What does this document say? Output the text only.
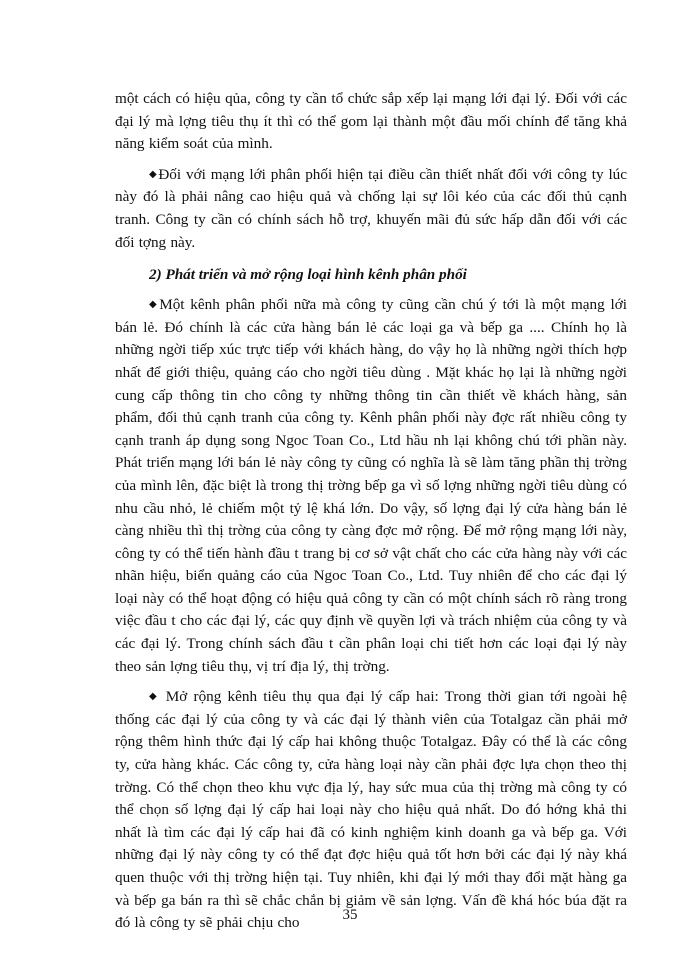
một cách có hiệu qủa, công ty cần tổ chức sắp xếp lại mạng lới đại lý. Đối với các đại lý mà lợng tiêu thụ ít thì có thể gom lại thành một đầu mối chính để tăng khả năng kiểm soát của mình.

◆Đối với mạng lới phân phối hiện tại điều cần thiết nhất đối với công ty lúc này đó là phải nâng cao hiệu quả và chống lại sự lôi kéo của các đối thủ cạnh tranh. Công ty cần có chính sách hỗ trợ, khuyến mãi đủ sức hấp dẫn đối với các đối tợng này.

2) Phát triển và mở rộng loại hình kênh phân phối

◆Một kênh phân phối nữa mà công ty cũng cần chú ý tới là một mạng lới bán lẻ. Đó chính là các cửa hàng bán lẻ các loại ga và bếp ga .... Chính họ là những ngời tiếp xúc trực tiếp với khách hàng, do vậy họ là những ngời thích hợp nhất để giới thiệu, quảng cáo cho ngời tiêu dùng . Mặt khác họ lại là những ngời cung cấp thông tin cho công ty những thông tin cần thiết về khách hàng, sản phẩm, đối thủ cạnh tranh của công ty. Kênh phân phối này đợc rất nhiều công ty cạnh tranh áp dụng song Ngoc Toan Co., Ltd hầu nh lại không chú tới phần này. Phát triển mạng lới bán lẻ này công ty cũng có nghĩa là sẽ làm tăng phần thị trờng của mình lên, đặc biệt là trong thị trờng bếp ga vì số lợng những ngời tiêu dùng có nhu cầu nhỏ, lẻ chiếm một tỷ lệ khá lớn. Do vậy, số lợng đại lý cửa hàng bán lẻ càng nhiều thì thị trờng của công ty càng đợc mở rộng. Để mở rộng mạng lới này, công ty có thể tiến hành đầu t trang bị cơ sở vật chất cho các cửa hàng này với các nhãn hiệu, biển quảng cáo của Ngoc Toan Co., Ltd. Tuy nhiên để cho các đại lý loại này có thể hoạt động có hiệu quả công ty cần có một chính sách rõ ràng trong việc đầu t cho các đại lý, các quy định về quyền lợi và trách nhiệm của công ty và các đại lý. Trong chính sách đầu t cần phân loại chi tiết hơn các loại đại lý này theo sản lợng tiêu thụ, vị trí địa lý, thị trờng.

◆ Mở rộng kênh tiêu thụ qua đại lý cấp hai: Trong thời gian tới ngoài hệ thống các đại lý của công ty và các đại lý thành viên của Totalgaz cần phải mở rộng thêm hình thức đại lý cấp hai không thuộc Totalgaz. Đây có thể là các công ty, cửa hàng khác. Các công ty, cửa hàng loại này cần phải đợc lựa chọn theo thị trờng. Có thể chọn theo khu vực địa lý, hay sức mua của thị trờng mà công ty có thể chọn số lợng đại lý cấp hai loại này cho hiệu quả nhất. Do đó hớng khả thi nhất là tìm các đại lý cấp hai đã có kinh nghiệm kinh doanh ga và bếp ga. Với những đại lý này công ty có thể đạt đợc hiệu quả tốt hơn bởi các đại lý này khá quen thuộc với thị trờng hiện tại. Tuy nhiên, khi đại lý mới thay đổi mặt hàng ga và bếp ga bán ra thì sẽ chắc chắn bị giảm về sản lợng. Vấn đề khá hóc búa đặt ra đó là công ty sẽ phải chịu cho	35
